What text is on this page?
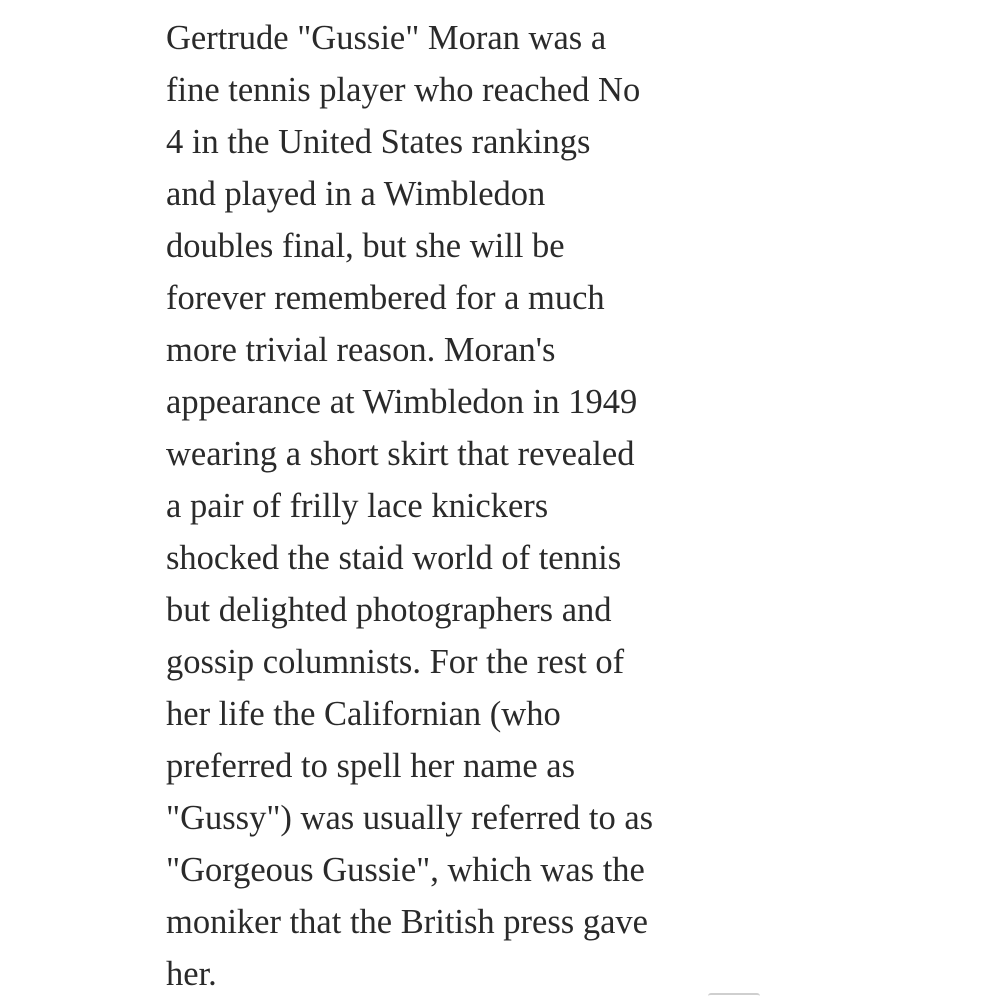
Gertrude "Gussie" Moran was a
fine tennis player who reached No
4 in the United States rankings
and played in a Wimbledon
doubles final, but she will be
forever remembered for a much
more trivial reason. Moran's
appearance at Wimbledon in 1949
wearing a short skirt that revealed
a pair of frilly lace knickers
shocked the staid world of tennis
but delighted photographers and
gossip columnists. For the rest of
her life the Californian (who
preferred to spell her name as
"Gussy") was usually referred to as
"Gorgeous Gussie", which was the
moniker that the British press gave
her.
